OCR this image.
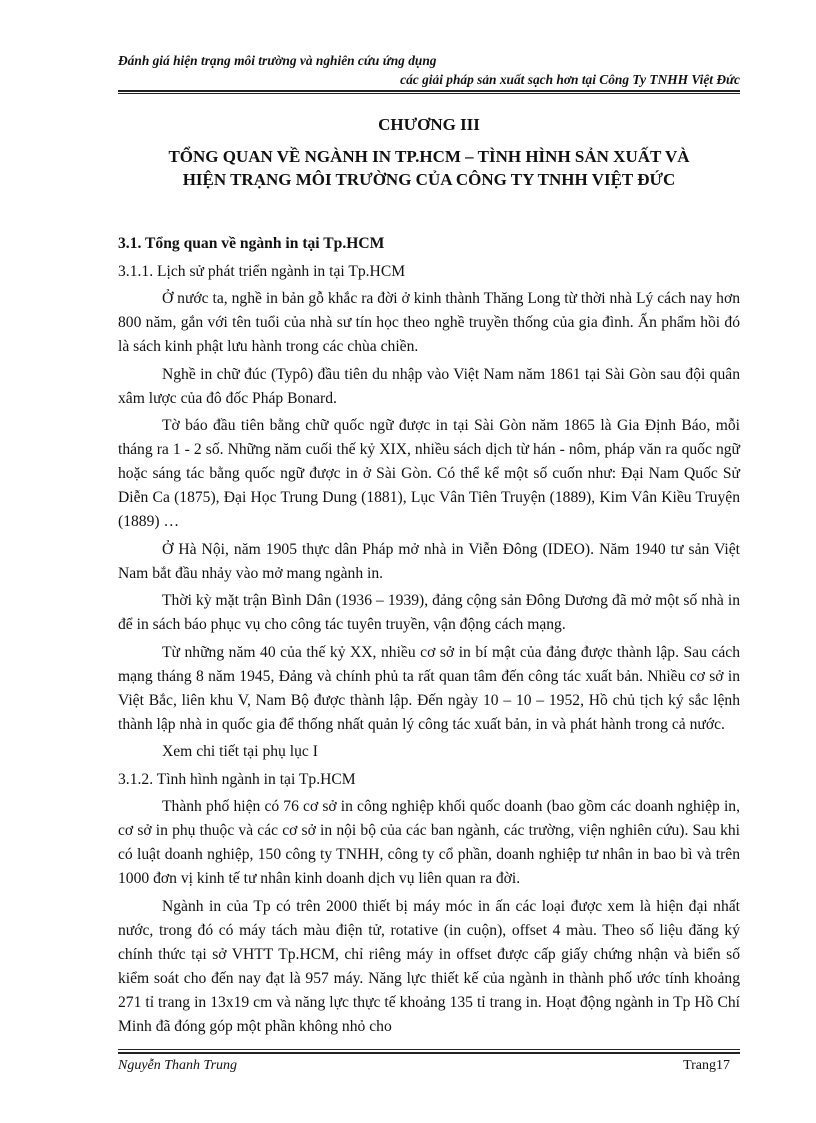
Đánh giá hiện trạng môi trường và nghiên cứu ứng dụng
các giải pháp sản xuất sạch hơn tại Công Ty TNHH Việt Đức
CHƯƠNG III
TỔNG QUAN VỀ NGÀNH IN TP.HCM – TÌNH HÌNH SẢN XUẤT VÀ
HIỆN TRẠNG MÔI TRƯỜNG CỦA CÔNG TY TNHH VIỆT ĐỨC

3.1. Tổng quan về ngành in tại Tp.HCM

3.1.1. Lịch sử phát triển ngành in tại Tp.HCM

Ở nước ta, nghề in bản gỗ khắc ra đời ở kinh thành Thăng Long từ thời nhà Lý cách nay hơn 800 năm, gắn với tên tuổi của nhà sư tín học theo nghề truyền thống của gia đình. Ấn phẩm hồi đó là sách kinh phật lưu hành trong các chùa chiền.

Nghề in chữ đúc (Typô) đầu tiên du nhập vào Việt Nam năm 1861 tại Sài Gòn sau đội quân xâm lược của đô đốc Pháp Bonard.

Tờ báo đầu tiên bằng chữ quốc ngữ được in tại Sài Gòn năm 1865 là Gia Định Báo, mỗi tháng ra 1 - 2 số. Những năm cuối thế kỷ XIX, nhiều sách dịch từ hán - nôm, pháp văn ra quốc ngữ hoặc sáng tác bằng quốc ngữ được in ở Sài Gòn. Có thể kể một số cuốn như: Đại Nam Quốc Sử Diễn Ca (1875), Đại Học Trung Dung (1881), Lục Vân Tiên Truyện (1889), Kim Vân Kiều Truyện (1889) …

Ở Hà Nội, năm 1905 thực dân Pháp mở nhà in Viễn Đông (IDEO). Năm 1940 tư sản Việt Nam bắt đầu nhảy vào mở mang ngành in.

Thời kỳ mặt trận Bình Dân (1936 – 1939), đảng cộng sản Đông Dương đã mở một số nhà in để in sách báo phục vụ cho công tác tuyên truyền, vận động cách mạng.

Từ những năm 40 của thế kỷ XX, nhiều cơ sở in bí mật của đảng được thành lập. Sau cách mạng tháng 8 năm 1945, Đảng và chính phủ ta rất quan tâm đến công tác xuất bản. Nhiều cơ sở in Việt Bắc, liên khu V, Nam Bộ được thành lập. Đến ngày 10 – 10 – 1952, Hồ chủ tịch ký sắc lệnh thành lập nhà in quốc gia để thống nhất quản lý công tác xuất bản, in và phát hành trong cả nước.

Xem chi tiết tại phụ lục I

3.1.2. Tình hình ngành in tại Tp.HCM

Thành phố hiện có 76 cơ sở in công nghiệp khối quốc doanh (bao gồm các doanh nghiệp in, cơ sở in phụ thuộc và các cơ sở in nội bộ của các ban ngành, các trường, viện nghiên cứu). Sau khi có luật doanh nghiệp, 150 công ty TNHH, công ty cổ phần, doanh nghiệp tư nhân in bao bì và trên 1000 đơn vị kinh tế tư nhân kinh doanh dịch vụ liên quan ra đời.

Ngành in của Tp có trên 2000 thiết bị máy móc in ấn các loại được xem là hiện đại nhất nước, trong đó có máy tách màu điện tử, rotative (in cuộn), offset 4 màu. Theo số liệu đăng ký chính thức tại sở VHTT Tp.HCM, chỉ riêng máy in offset được cấp giấy chứng nhận và biển số kiểm soát cho đến nay đạt là 957 máy. Năng lực thiết kế của ngành in thành phố ước tính khoảng 271 tỉ trang in 13x19 cm và năng lực thực tế khoảng 135 tỉ trang in. Hoạt động ngành in Tp Hồ Chí Minh đã đóng góp một phần không nhỏ cho

Nguyễn Thanh Trung	Trang17
